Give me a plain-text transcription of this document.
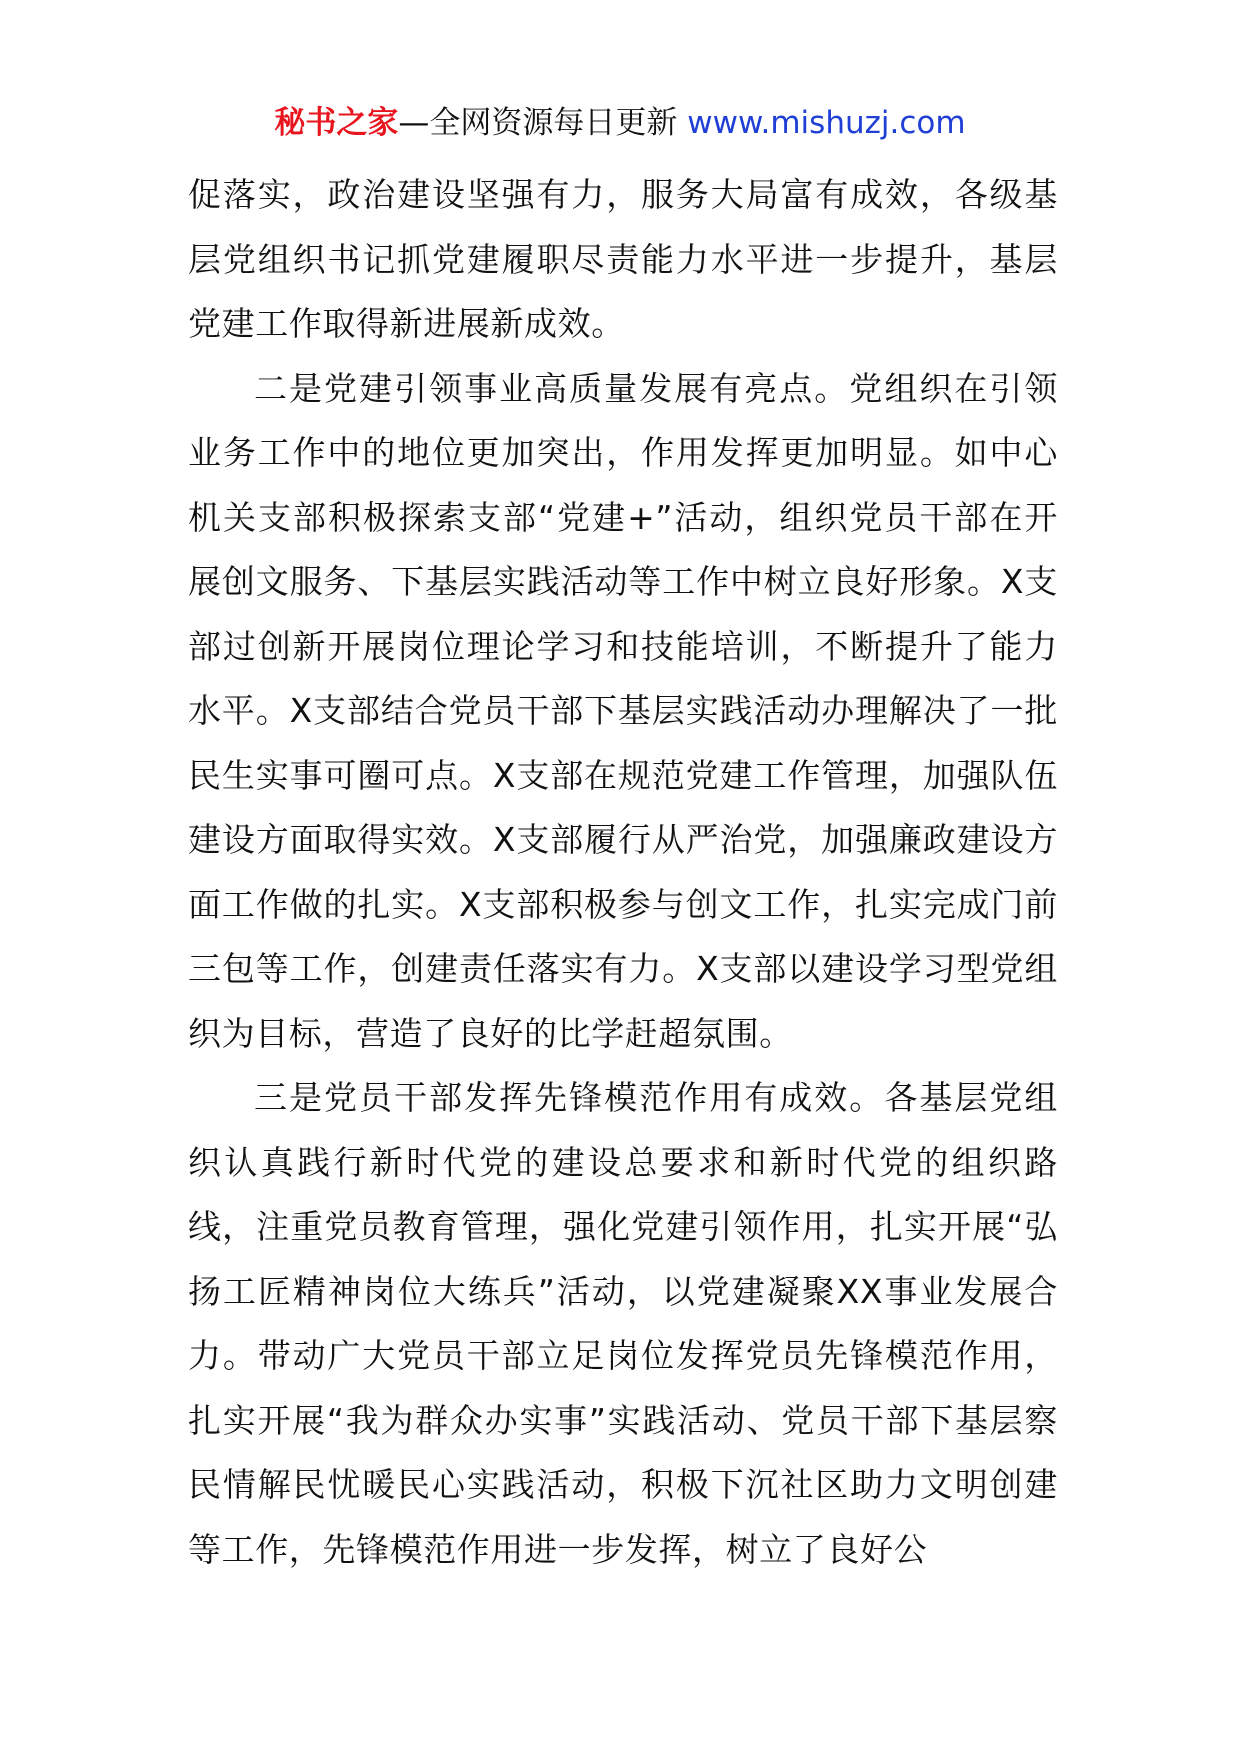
秘书之家—全网资源每日更新 www.mishuzj.com

促落实，政治建设坚强有力，服务大局富有成效，各级基层党组织书记抓党建履职尽责能力水平进一步提升，基层党建工作取得新进展新成效。

二是党建引领事业高质量发展有亮点。党组织在引领业务工作中的地位更加突出，作用发挥更加明显。如中心机关支部积极探索支部“党建+”活动，组织党员干部在开展创文服务、下基层实践活动等工作中树立良好形象。X支部过创新开展岗位理论学习和技能培训，不断提升了能力水平。X支部结合党员干部下基层实践活动办理解决了一批民生实事可圈可点。X支部在规范党建工作管理，加强队伍建设方面取得实效。X支部履行从严治党，加强廉政建设方面工作做的扎实。X支部积极参与创文工作，扎实完成门前三包等工作，创建责任落实有力。X支部以建设学习型党组织为目标，营造了良好的比学赶超氛围。

三是党员干部发挥先锋模范作用有成效。各基层党组织认真践行新时代党的建设总要求和新时代党的组织路线，注重党员教育管理，强化党建引领作用，扎实开展“弘扬工匠精神岗位大练兵”活动，以党建凝聚XX事业发展合力。带动广大党员干部立足岗位发挥党员先锋模范作用，扎实开展“我为群众办实事”实践活动、党员干部下基层察民情解民忧暖民心实践活动，积极下沉社区助力文明创建等工作，先锋模范作用进一步发挥，树立了良好公
